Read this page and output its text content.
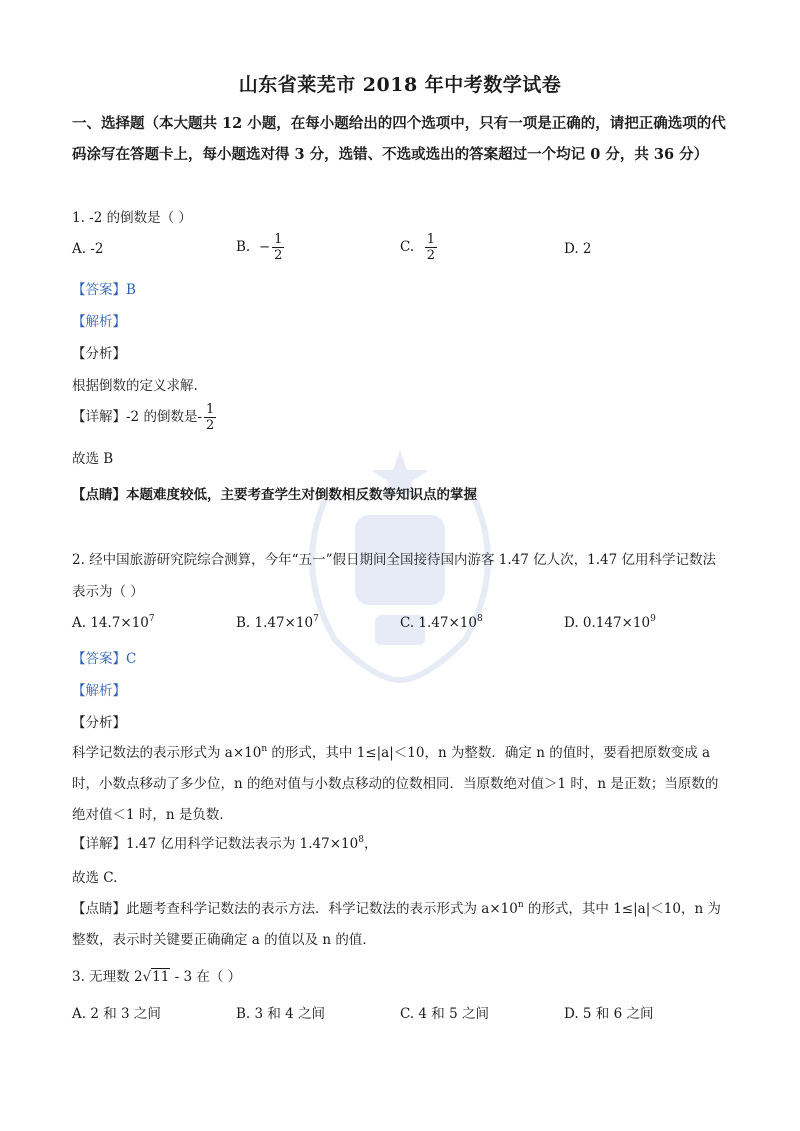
山东省莱芜市 2018 年中考数学试卷
一、选择题（本大题共 12 小题，在每小题给出的四个选项中，只有一项是正确的，请把正确选项的代码涂写在答题卡上，每小题选对得 3 分，选错、不选或选出的答案超过一个均记 0 分，共 36 分）
1. -2 的倒数是（ ）
A. -2	B. − $\frac{1}{2}$	C. $\frac{1}{2}$	D. 2
【答案】B
【解析】
【分析】
根据倒数的定义求解.
【详解】-2 的倒数是- $\frac{1}{2}$
故选 B
【点睛】本题难度较低，主要考查学生对倒数相反数等知识点的掌握
2. 经中国旅游研究院综合测算，今年“五一”假日期间全国接待国内游客 1.47 亿人次，1.47 亿用科学记数法
表示为（ ）
A. $14.7\times 10^7$	B. $1.47\times 10^7$	C. $1.47\times 10^8$	D. $0.147\times 10^9$
【答案】C
【解析】
【分析】
科学记数法的表示形式为 $a\times 10^n$ 的形式，其中 1≤|a|＜10，n 为整数．确定 n 的值时，要看把原数变成 a 时，小数点移动了多少位，n 的绝对值与小数点移动的位数相同．当原数绝对值＞1 时，n 是正数；当原数的绝对值＜1 时，n 是负数．
【详解】1.47 亿用科学记数法表示为 $1.47\times 10^8$，
故选 C.
【点睛】此题考查科学记数法的表示方法．科学记数法的表示形式为 $a\times 10^n$ 的形式，其中 1≤|a|＜10，n 为整数，表示时关键要正确确定 a 的值以及 n 的值．
3. 无理数 2√11 - 3 在（ ）
A. 2 和 3 之间	B. 3 和 4 之间	C. 4 和 5 之间	D. 5 和 6 之间
